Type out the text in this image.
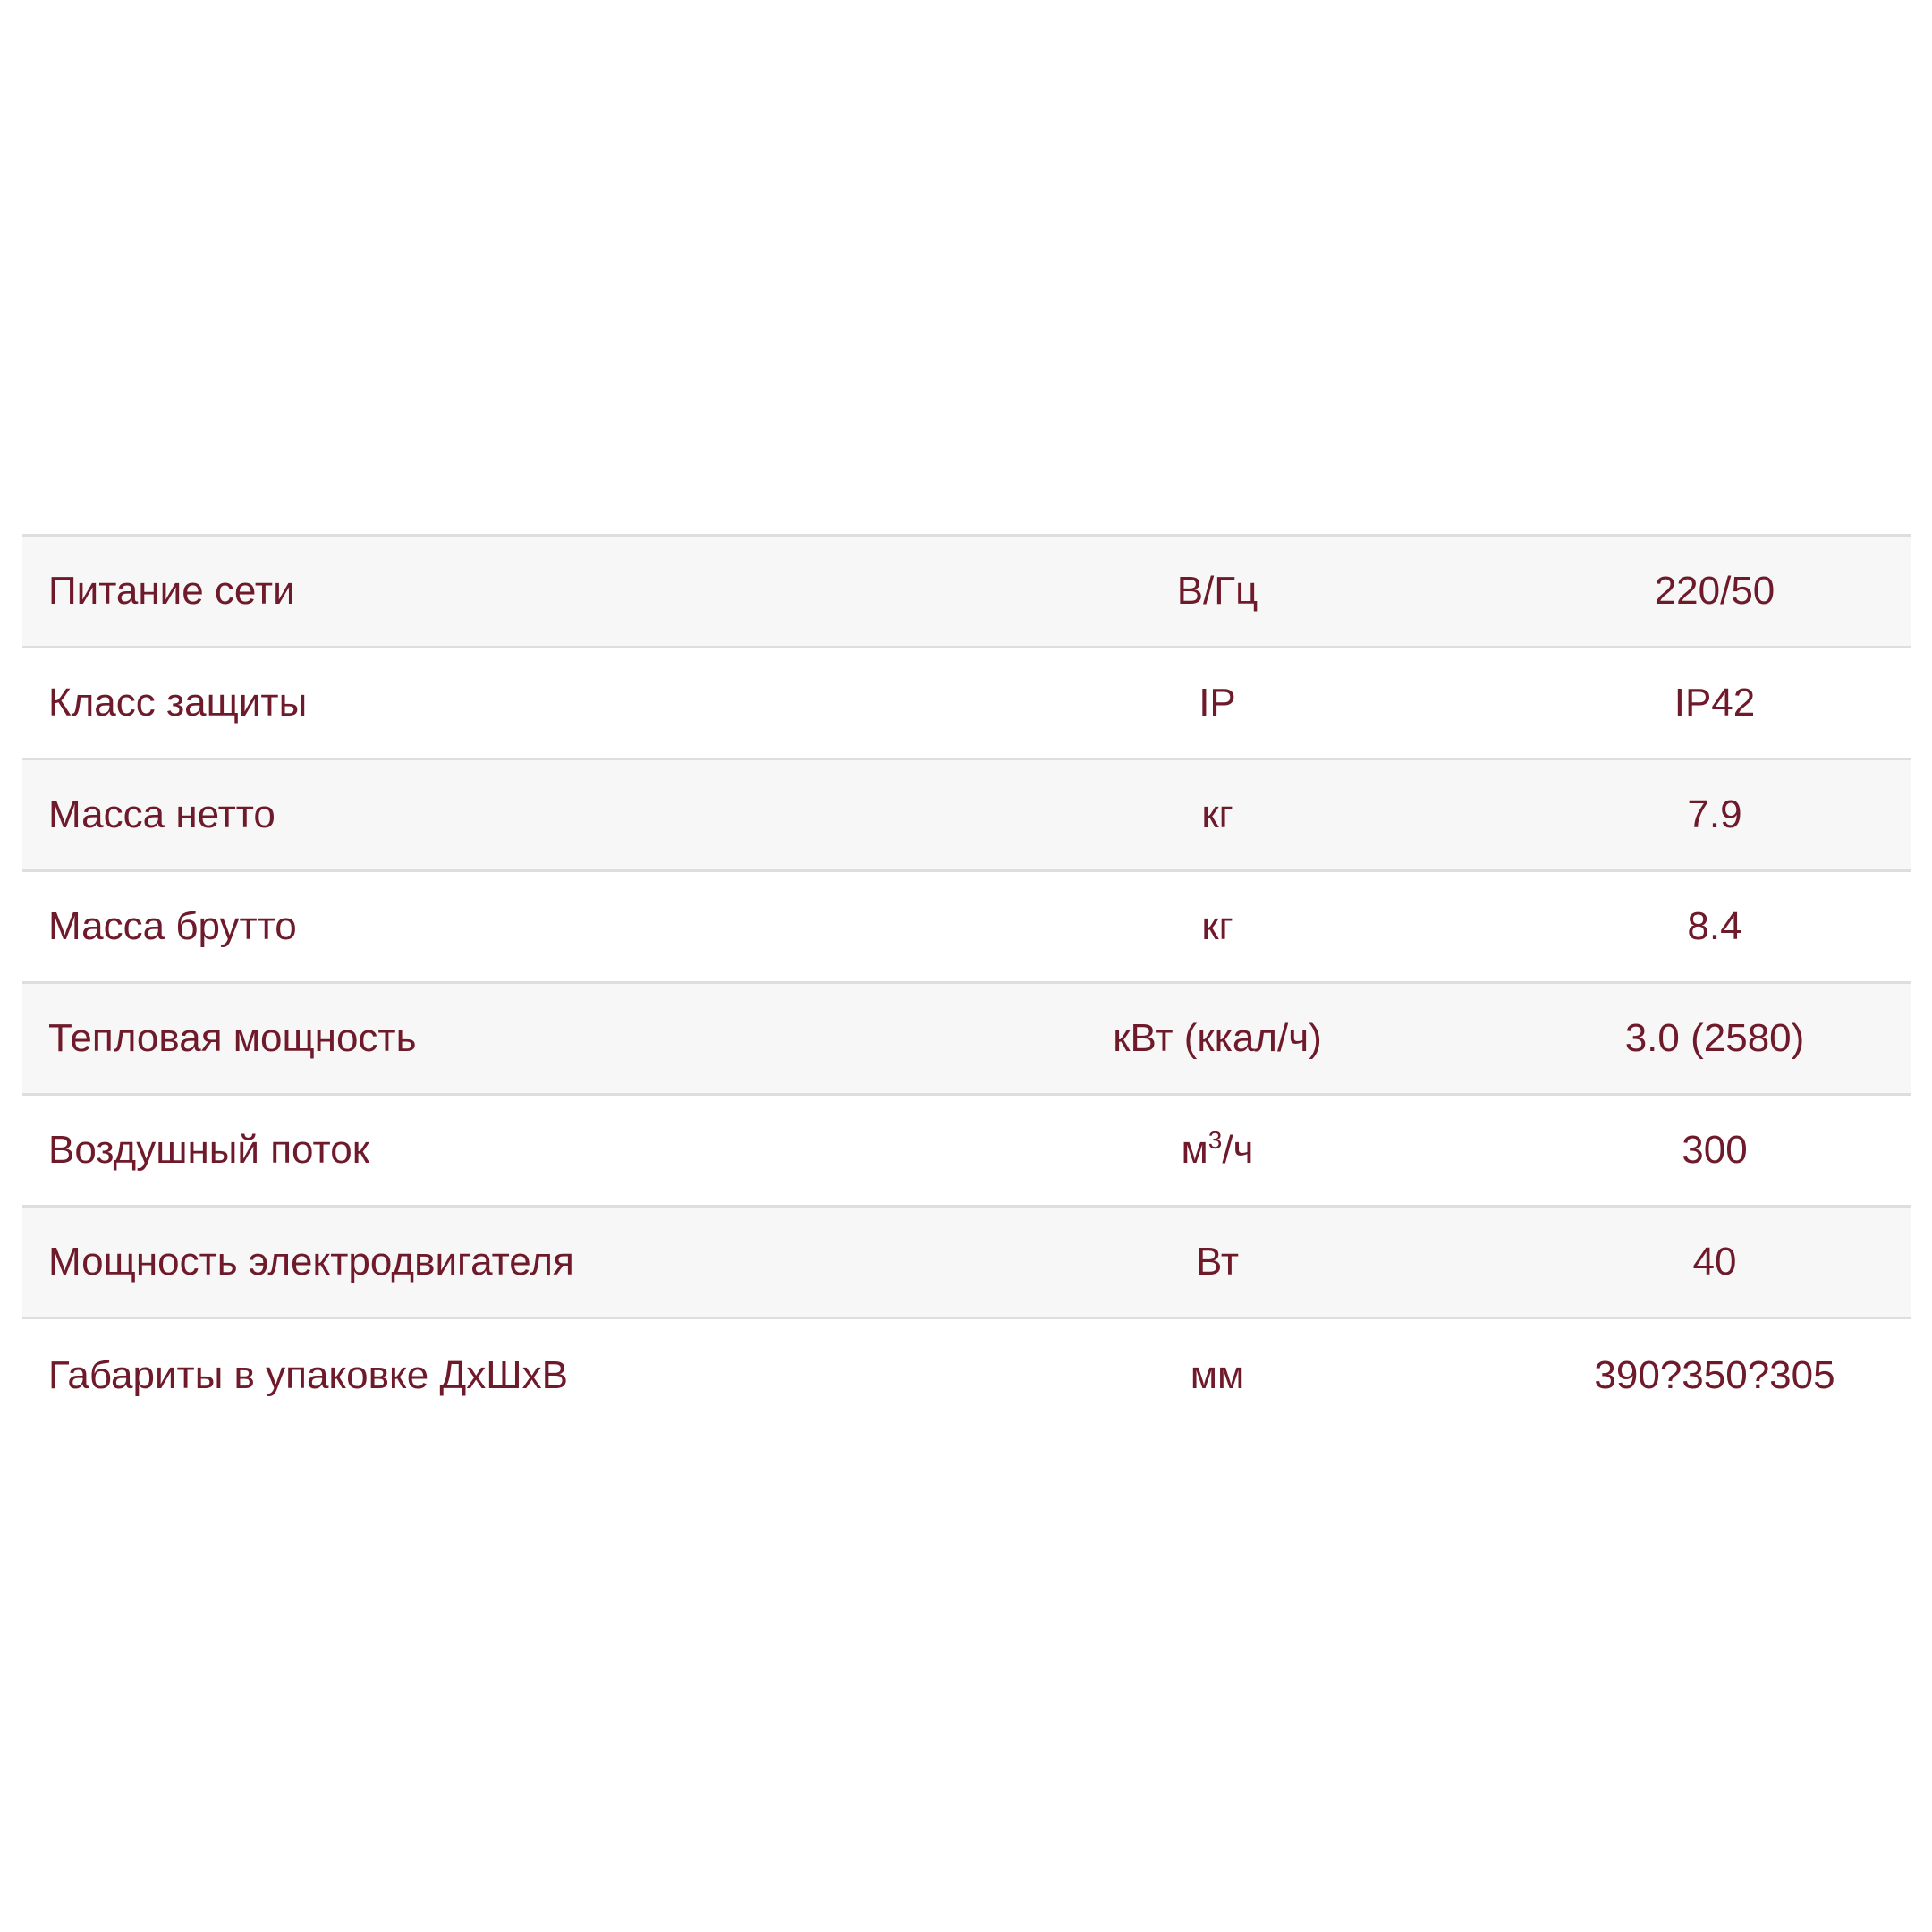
Питание сети	В/Гц	220/50
Класс защиты	IP	IP42
Масса нетто	кг	7.9
Масса брутто	кг	8.4
Тепловая мощность	кВт (ккал/ч)	3.0 (2580)
Воздушный поток	$м^3/ч$	300
Мощность электродвигателя	Вт	40
Габариты в упаковке ДхШхВ	мм	390?350?305
